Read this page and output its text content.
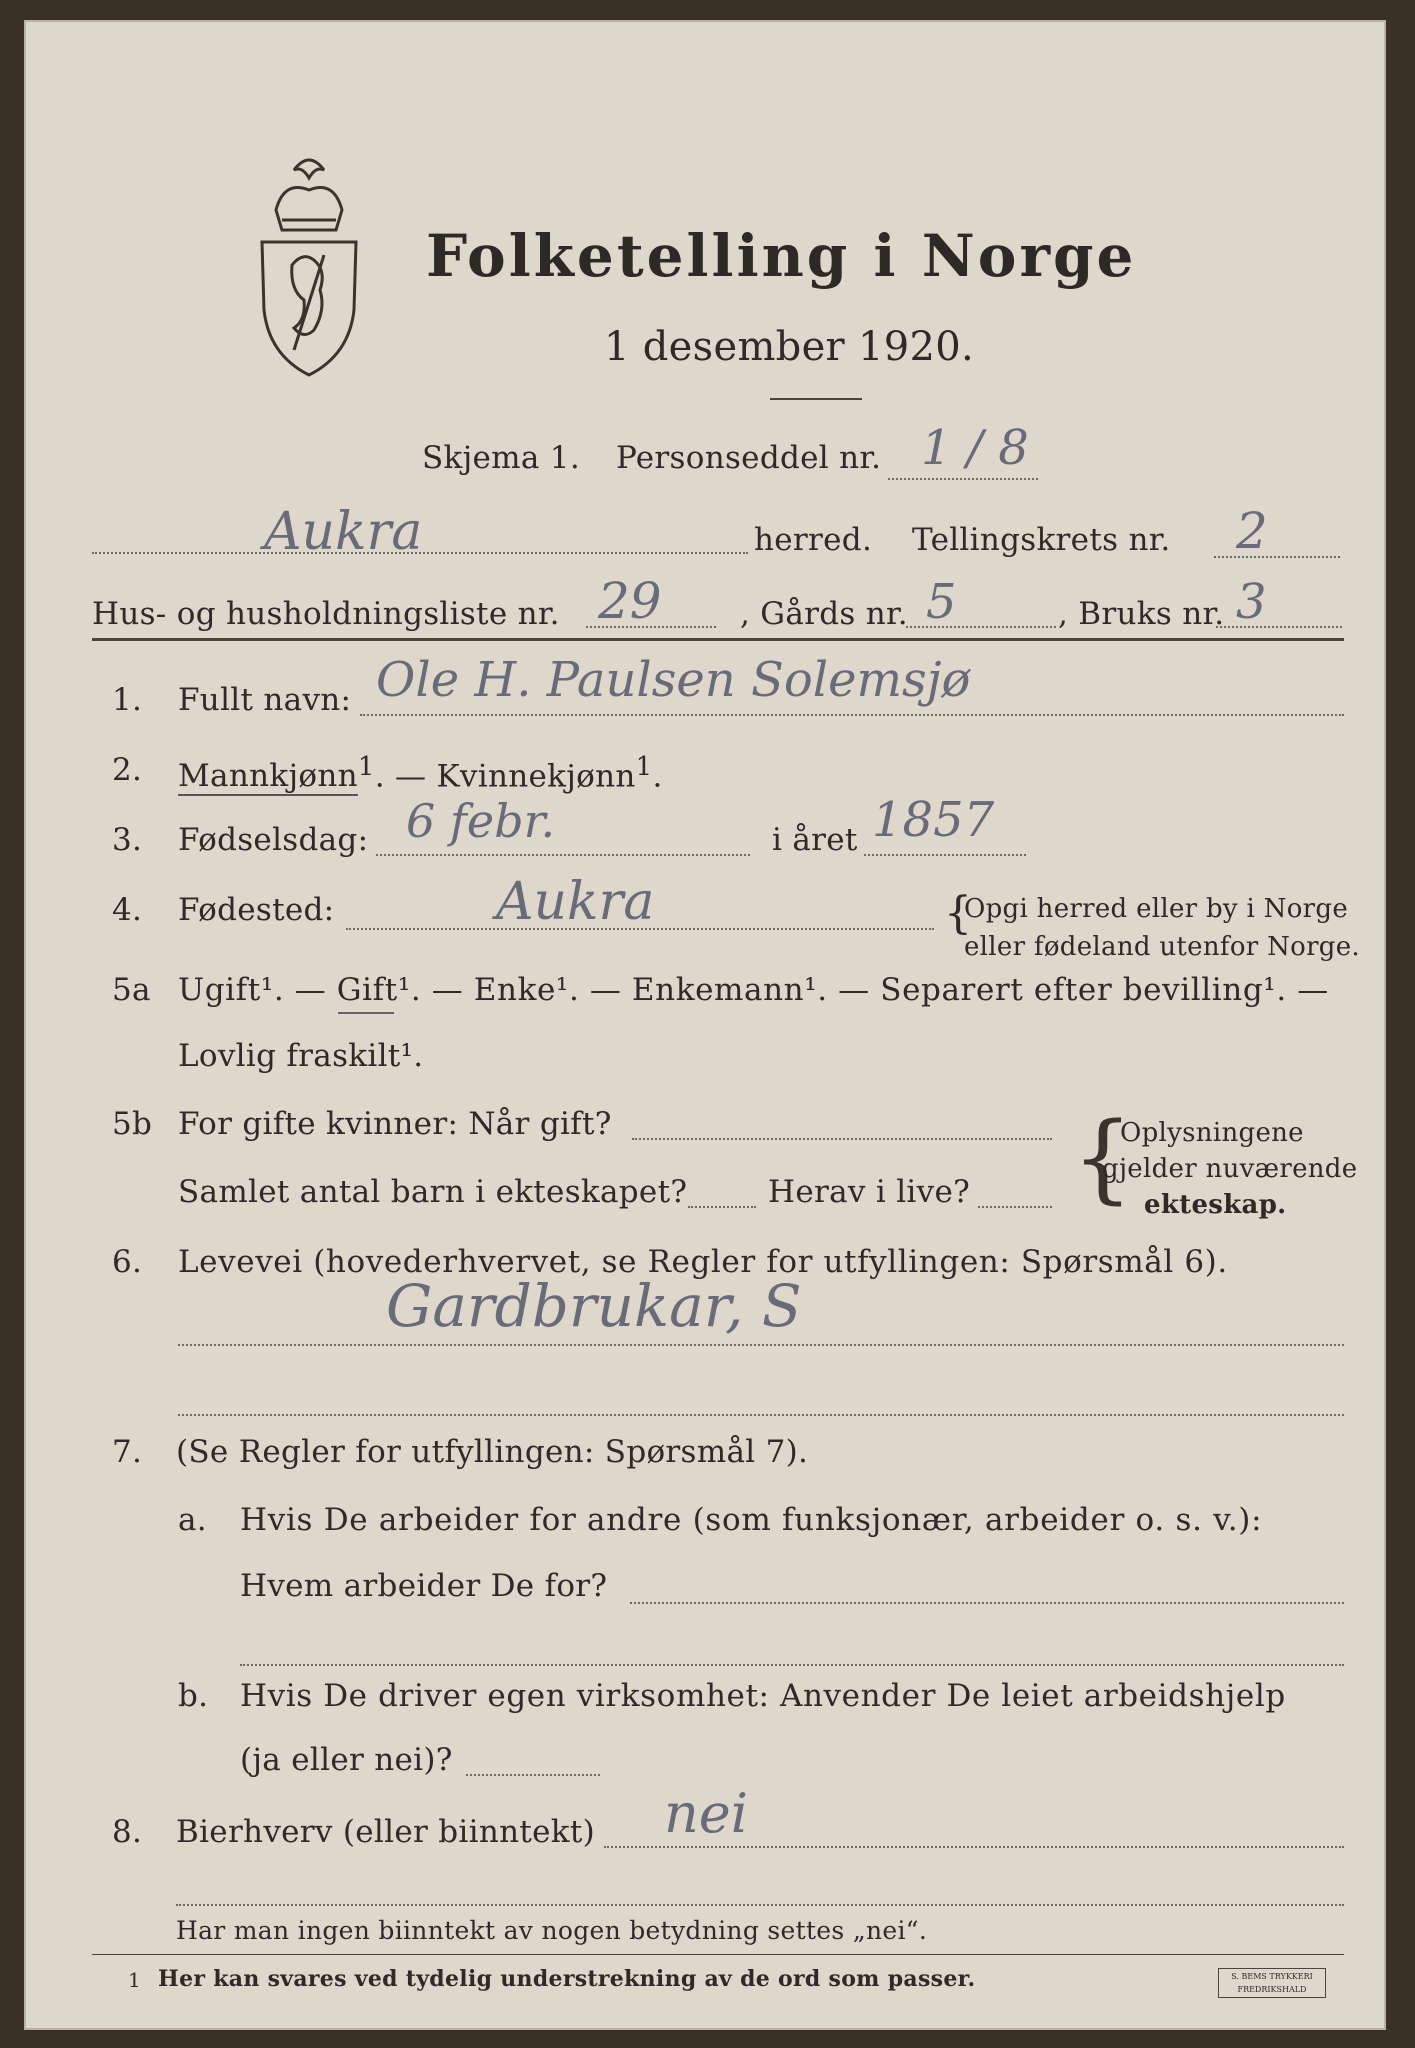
Folketelling i Norge
1 desember 1920.
Skjema 1. Personseddel nr. 1 / 8
Aukra	herred. Tellingskrets nr. 2
Hus- og husholdningsliste nr. 29	, Gårds nr. 5	, Bruks nr. 3
1. Fullt navn: Ole H. Paulsen Solemsjø
2. Mannkjønn$^1$. — Kvinnekjønn$^1$.
3. Fødselsdag: 6 febr.	i året 1857
4. Fødested:	Aukra	{
Opgi herred eller by i Norge
eller fødeland utenfor Norge.
5a Ugift¹. — Gift¹. — Enke¹. — Enkemann¹. — Separert efter bevilling¹. —
Lovlig fraskilt¹.
5b For gifte kvinner: Når gift?
Samlet antal barn i ekteskapet?	Herav i live? {
Oplysningene
gjelder nuværende
ekteskap.
6. Levevei (hovederhvervet, se Regler for utfyllingen: Spørsmål 6).
Gardbrukar, S
7. (Se Regler for utfyllingen: Spørsmål 7).
a. Hvis De arbeider for andre (som funksjonær, arbeider o. s. v.):
Hvem arbeider De for?
b. Hvis De driver egen virksomhet: Anvender De leiet arbeidshjelp
(ja eller nei)?
8. Bierhverv (eller biinntekt) nei
Har man ingen biinntekt av nogen betydning settes „nei“.
1 Her kan svares ved tydelig understrekning av de ord som passer.	S. BEMS TRYKKERI FREDRIKSHALD
